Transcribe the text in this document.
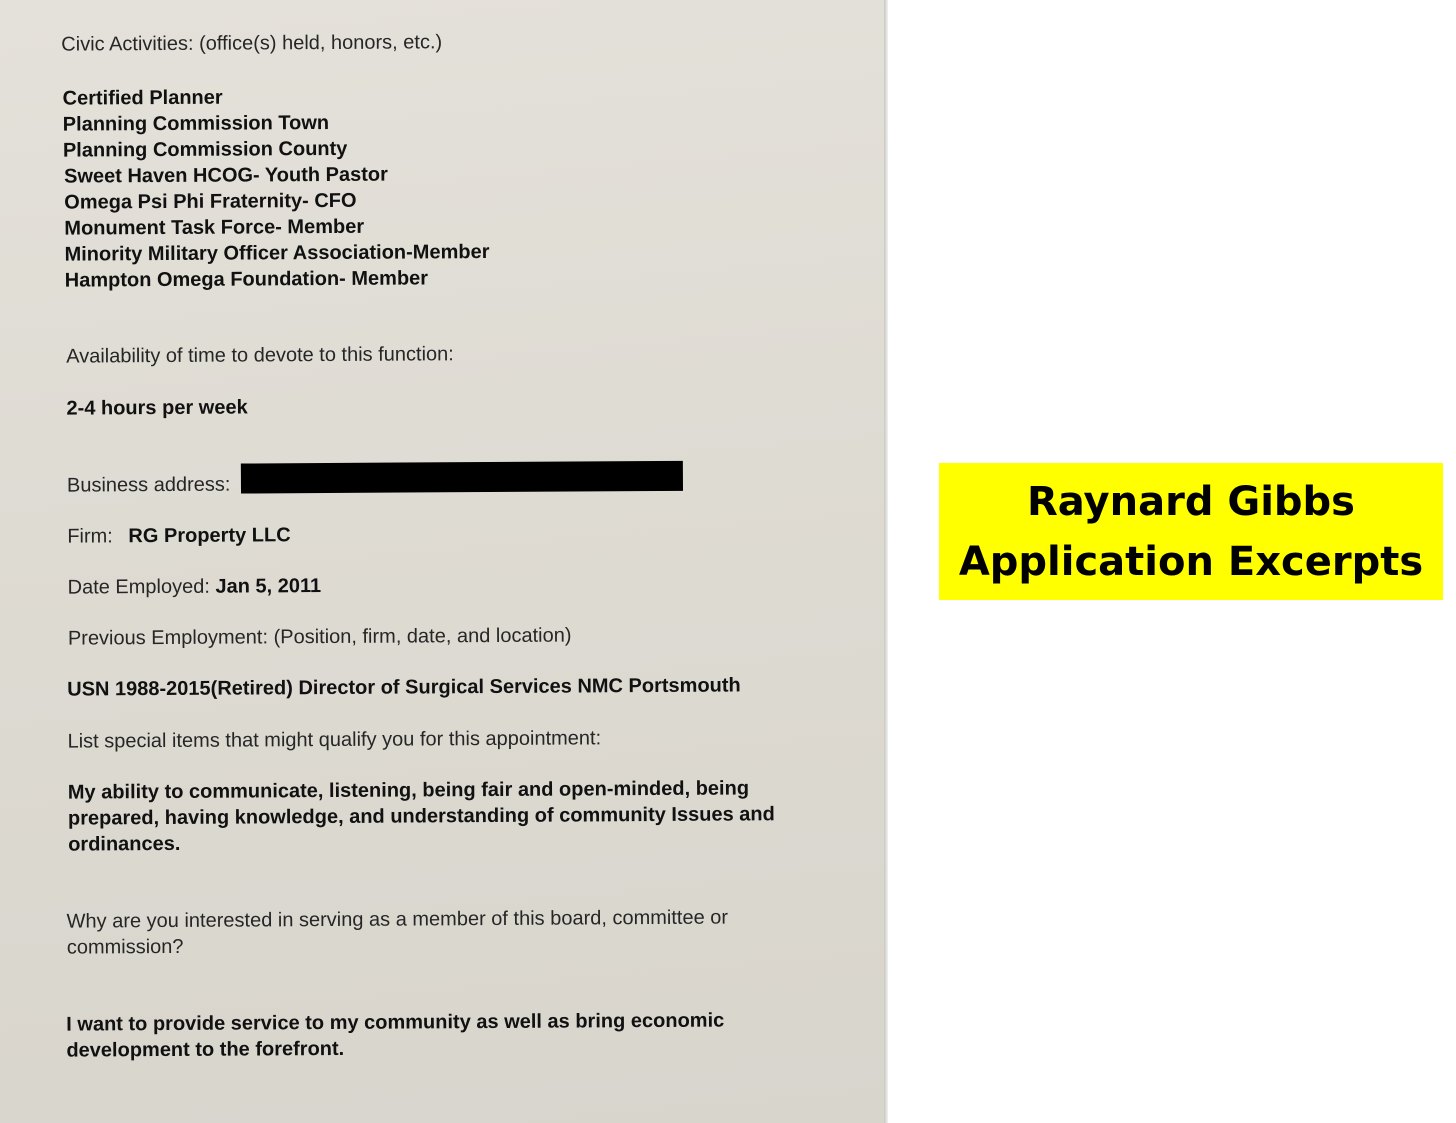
Civic Activities: (office(s) held, honors, etc.)
Certified Planner
Planning Commission Town
Planning Commission County
Sweet Haven HCOG- Youth Pastor
Omega Psi Phi Fraternity- CFO
Monument Task Force- Member
Minority Military Officer Association-Member
Hampton Omega Foundation- Member
Availability of time to devote to this function:
2-4 hours per week
Business address:
Firm: RG Property LLC
Date Employed: Jan 5, 2011
Previous Employment: (Position, firm, date, and location)
USN 1988-2015(Retired) Director of Surgical Services NMC Portsmouth
List special items that might qualify you for this appointment:
My ability to communicate, listening, being fair and open-minded, being
prepared, having knowledge, and understanding of community Issues and
ordinances.
Why are you interested in serving as a member of this board, committee or
commission?
I want to provide service to my community as well as bring economic
development to the forefront.
Raynard Gibbs
Application Excerpts
